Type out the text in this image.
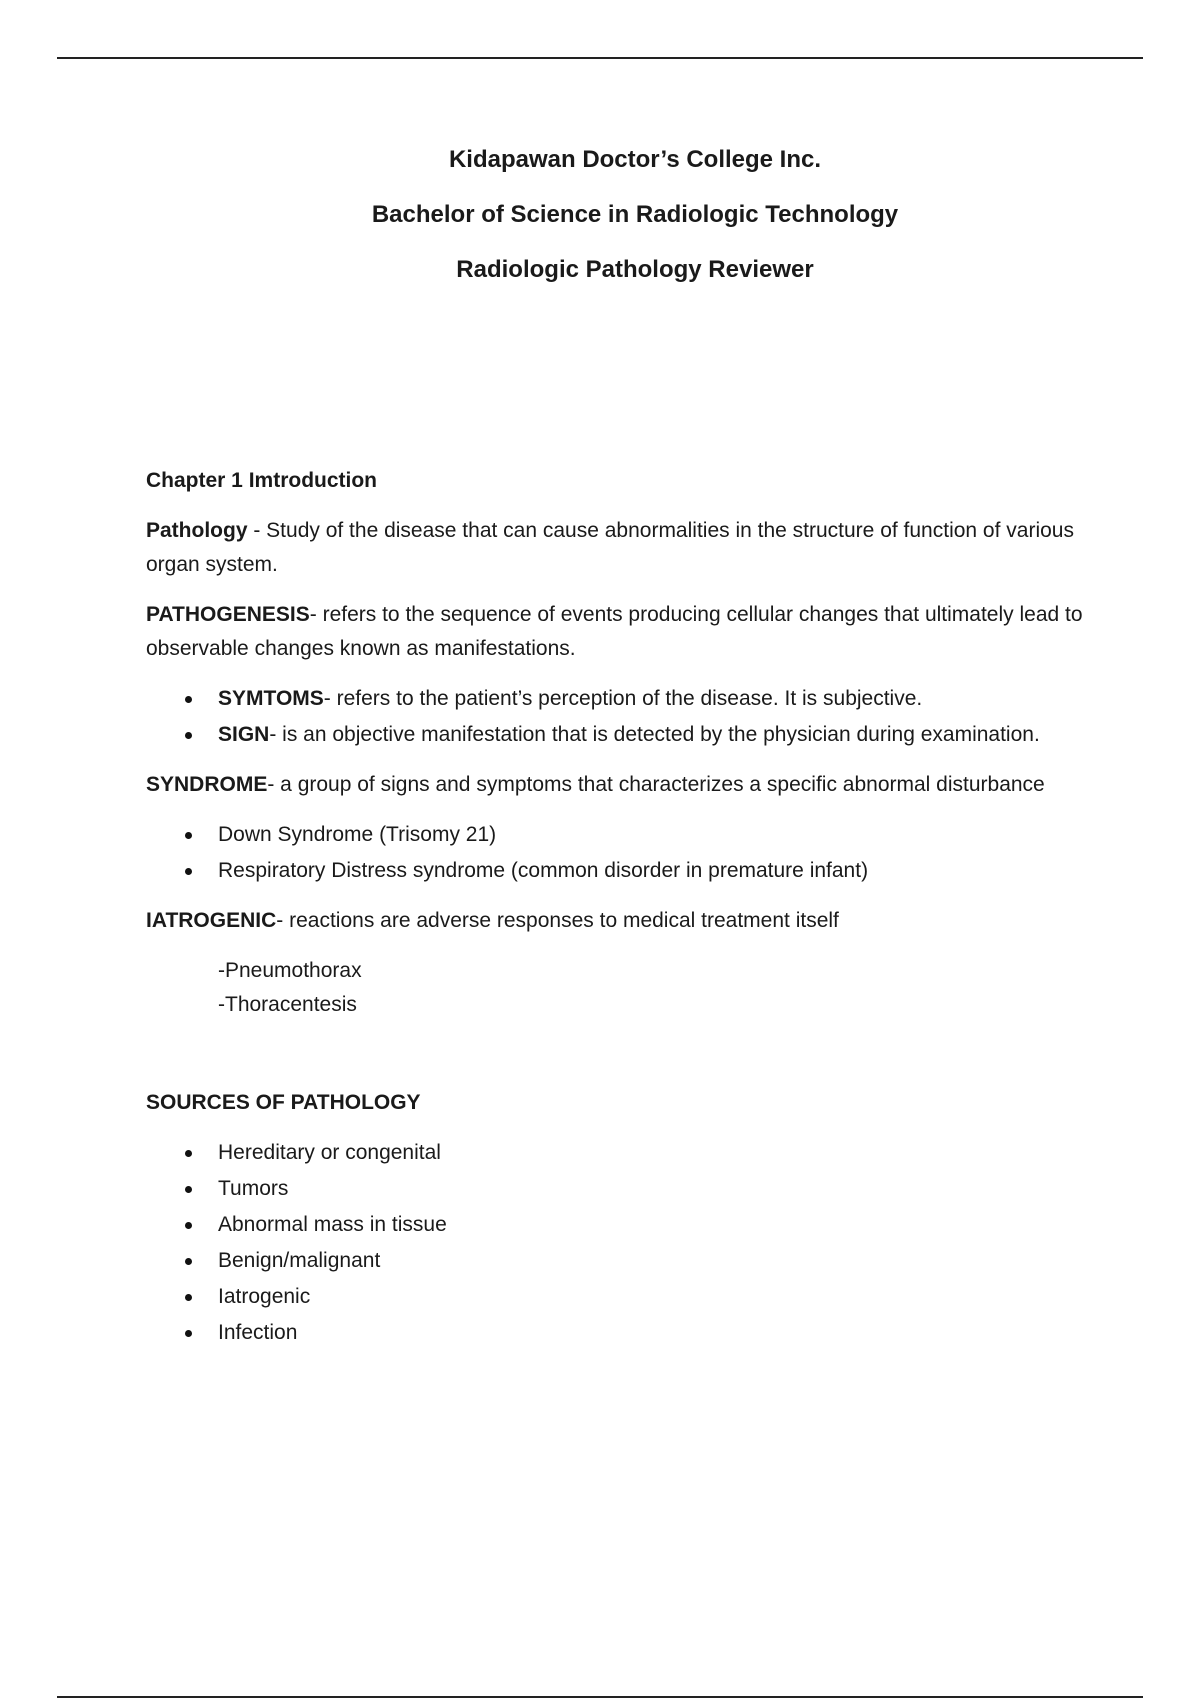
Kidapawan Doctor’s College Inc.
Bachelor of Science in Radiologic Technology
Radiologic Pathology Reviewer
Chapter 1 Imtroduction
Pathology - Study of the disease that can cause abnormalities in the structure of function of various organ system.
PATHOGENESIS- refers to the sequence of events producing cellular changes that ultimately lead to observable changes known as manifestations.
SYMTOMS- refers to the patient’s perception of the disease. It is subjective.
SIGN- is an objective manifestation that is detected by the physician during examination.
SYNDROME- a group of signs and symptoms that characterizes a specific abnormal disturbance
Down Syndrome (Trisomy 21)
Respiratory Distress syndrome (common disorder in premature infant)
IATROGENIC- reactions are adverse responses to medical treatment itself
-Pneumothorax
-Thoracentesis
SOURCES OF PATHOLOGY
Hereditary or congenital
Tumors
Abnormal mass in tissue
Benign/malignant
Iatrogenic
Infection
